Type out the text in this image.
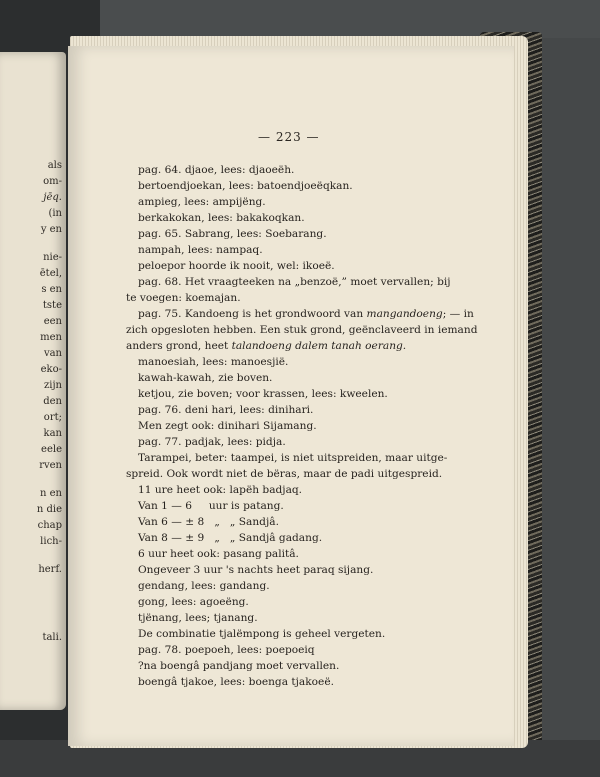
als
om-
jēq.
(in
y en
nie-
ētel,
s en
tste
een
men
van
eko-
zijn
den
ort;
kan
eele
rven
n en
n die
chap
lich-
herf.
tali.
— 223 —
pag. 64. djaoe, lees: djaoeëh.
bertoendjoekan, lees: batoendjoeëqkan.
ampieg, lees: ampijëng.
berkakokan, lees: bakakoqkan.
pag. 65. Sabrang, lees: Soebarang.
nampah, lees: nampaq.
peloepor hoorde ik nooit, wel: ikoeë.
pag. 68. Het vraagteeken na „benzoë,” moet vervallen; bij
te voegen: koemajan.
pag. 75. Kandoeng is het grondwoord van mangandoeng; — in
zich opgesloten hebben. Een stuk grond, geënclaveerd in iemand
anders grond, heet talandoeng dalem tanah oerang.
manoesiah, lees: manoesjië.
kawah-kawah, zie boven.
ketjou, zie boven; voor krassen, lees: kweelen.
pag. 76. deni hari, lees: dinihari.
Men zegt ook: dinihari Sijamang.
pag. 77. padjak, lees: pidja.
Tarampei, beter: taampei, is niet uitspreiden, maar uitge-
spreid. Ook wordt niet de bëras, maar de padi uitgespreid.
11 ure heet ook: lapëh badjaq.
Van 1 — 6     uur is patang.
Van 6 — ± 8   „   „ Sandjâ.
Van 8 — ± 9   „   „ Sandjâ gadang.
6 uur heet ook: pasang palitâ.
Ongeveer 3 uur 's nachts heet paraq sijang.
gendang, lees: gandang.
gong, lees: agoeëng.
tjënang, lees; tjanang.
De combinatie tjalëmpong is geheel vergeten.
pag. 78. poepoeh, lees: poepoeiq
?na boengâ pandjang moet vervallen.
boengâ tjakoe, lees: boenga tjakoeë.
